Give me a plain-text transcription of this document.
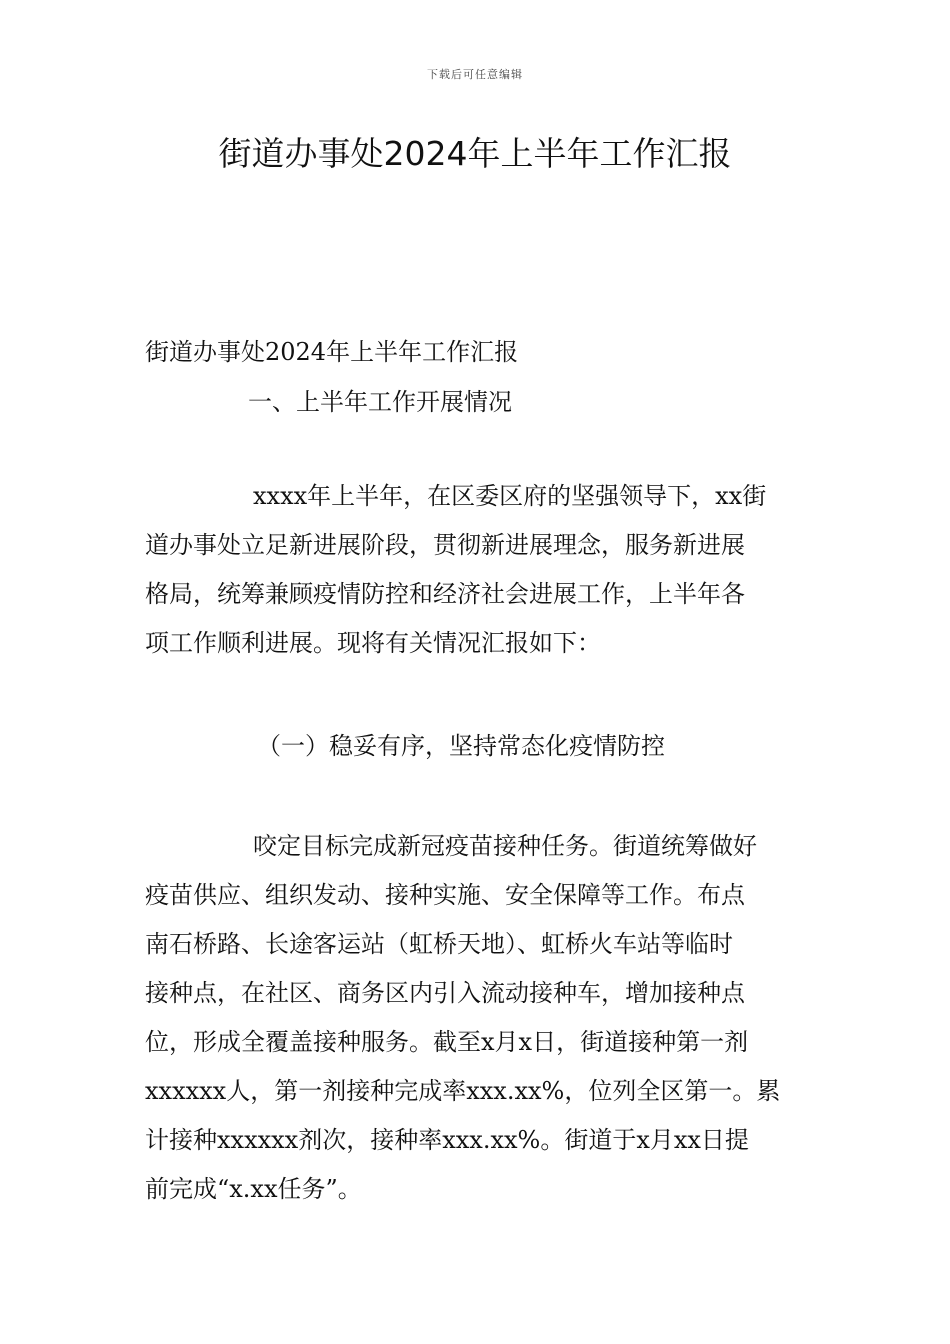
下载后可任意编辑
街道办事处2024年上半年工作汇报
街道办事处2024年上半年工作汇报
一、上半年工作开展情况
xxxx年上半年，在区委区府的坚强领导下，xx街
道办事处立足新进展阶段，贯彻新进展理念，服务新进展
格局，统筹兼顾疫情防控和经济社会进展工作，上半年各
项工作顺利进展。现将有关情况汇报如下：
（一）稳妥有序，坚持常态化疫情防控
咬定目标完成新冠疫苗接种任务。街道统筹做好
疫苗供应、组织发动、接种实施、安全保障等工作。布点
南石桥路、长途客运站（虹桥天地）、虹桥火车站等临时
接种点，在社区、商务区内引入流动接种车，增加接种点
位，形成全覆盖接种服务。截至x月x日，街道接种第一剂
xxxxxx人，第一剂接种完成率xxx.xx%，位列全区第一。累
计接种xxxxxx剂次，接种率xxx.xx%。街道于x月xx日提
前完成“x.xx任务”。
